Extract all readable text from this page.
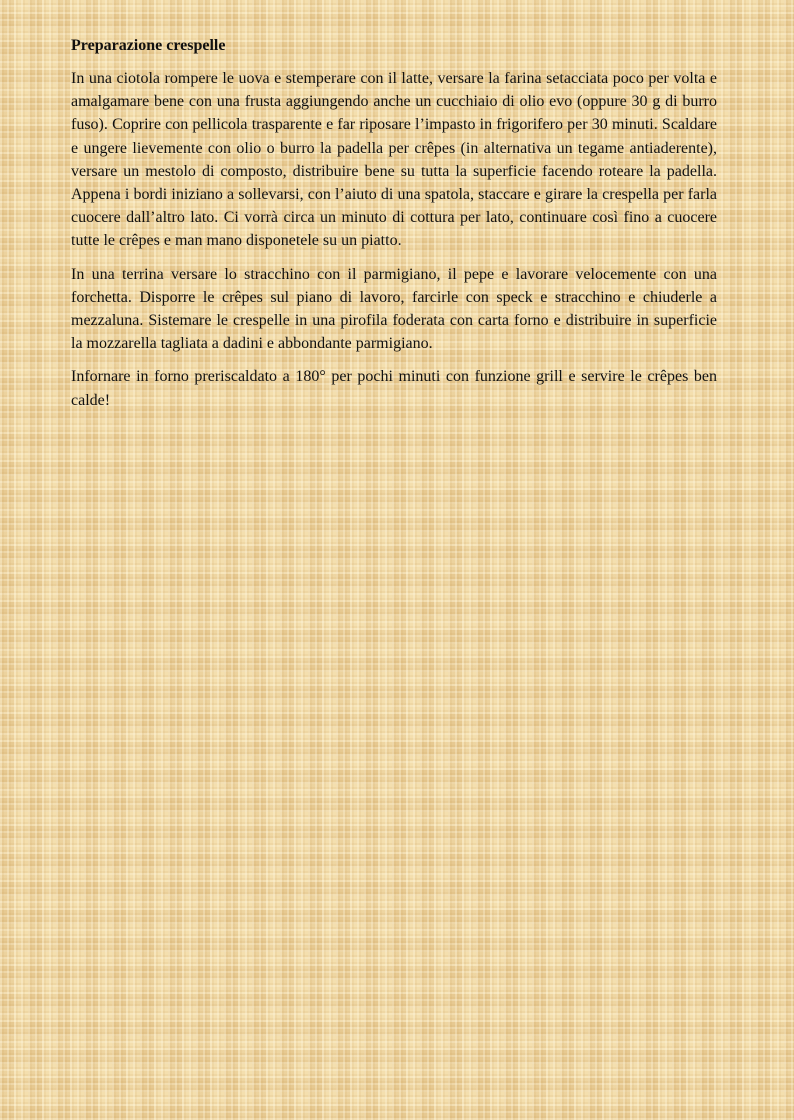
Preparazione crespelle

In una ciotola rompere le uova e stemperare con il latte, versare la farina setacciata poco per volta e amalgamare bene con una frusta aggiungendo anche un cucchiaio di olio evo (oppure 30 g di burro fuso). Coprire con pellicola trasparente e far riposare l’impasto in frigorifero per 30 minuti. Scaldare e ungere lievemente con olio o burro la padella per crêpes (in alternativa un tegame antiaderente), versare un mestolo di composto, distribuire bene su tutta la superficie facendo roteare la padella. Appena i bordi iniziano a sollevarsi, con l’aiuto di una spatola, staccare e girare la crespella per farla cuocere dall’altro lato. Ci vorrà circa un minuto di cottura per lato, continuare così fino a cuocere tutte le crêpes e man mano disponetele su un piatto.

In una terrina versare lo stracchino con il parmigiano, il pepe e lavorare velocemente con una forchetta. Disporre le crêpes sul piano di lavoro, farcirle con speck e stracchino e chiuderle a mezzaluna. Sistemare le crespelle in una pirofila foderata con carta forno e distribuire in superficie la mozzarella tagliata a dadini e abbondante parmigiano.

Infornare in forno preriscaldato a 180° per pochi minuti con funzione grill e servire le crêpes ben calde!
